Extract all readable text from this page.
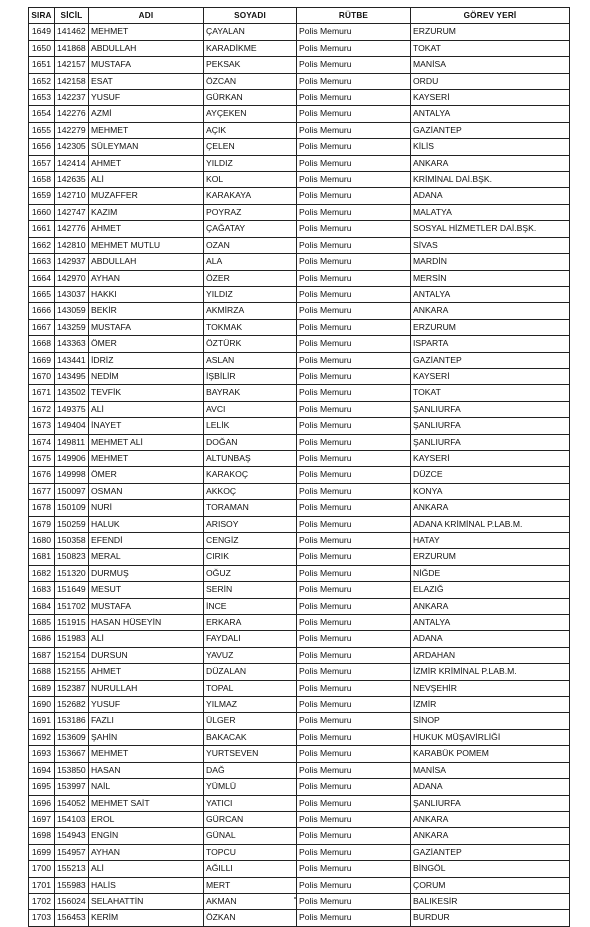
SIRA	SİCİL	ADI	SOYADI	RÜTBE	GÖREV YERİ
1649	141462	MEHMET	ÇAYALAN	Polis Memuru	ERZURUM
1650	141868	ABDULLAH	KARADİKME	Polis Memuru	TOKAT
1651	142157	MUSTAFA	PEKSAK	Polis Memuru	MANİSA
1652	142158	ESAT	ÖZCAN	Polis Memuru	ORDU
1653	142237	YUSUF	GÜRKAN	Polis Memuru	KAYSERİ
1654	142276	AZMİ	AYÇEKEN	Polis Memuru	ANTALYA
1655	142279	MEHMET	AÇIK	Polis Memuru	GAZİANTEP
1656	142305	SÜLEYMAN	ÇELEN	Polis Memuru	KİLİS
1657	142414	AHMET	YILDIZ	Polis Memuru	ANKARA
1658	142635	ALİ	KOL	Polis Memuru	KRİMİNAL DAİ.BŞK.
1659	142710	MUZAFFER	KARAKAYA	Polis Memuru	ADANA
1660	142747	KAZIM	POYRAZ	Polis Memuru	MALATYA
1661	142776	AHMET	ÇAĞATAY	Polis Memuru	SOSYAL HİZMETLER DAİ.BŞK.
1662	142810	MEHMET MUTLU	OZAN	Polis Memuru	SİVAS
1663	142937	ABDULLAH	ALA	Polis Memuru	MARDİN
1664	142970	AYHAN	ÖZER	Polis Memuru	MERSİN
1665	143037	HAKKI	YILDIZ	Polis Memuru	ANTALYA
1666	143059	BEKİR	AKMİRZA	Polis Memuru	ANKARA
1667	143259	MUSTAFA	TOKMAK	Polis Memuru	ERZURUM
1668	143363	ÖMER	ÖZTÜRK	Polis Memuru	ISPARTA
1669	143441	İDRİZ	ASLAN	Polis Memuru	GAZİANTEP
1670	143495	NEDİM	İŞBİLİR	Polis Memuru	KAYSERİ
1671	143502	TEVFİK	BAYRAK	Polis Memuru	TOKAT
1672	149375	ALİ	AVCI	Polis Memuru	ŞANLIURFA
1673	149404	İNAYET	LELİK	Polis Memuru	ŞANLIURFA
1674	149811	MEHMET ALİ	DOĞAN	Polis Memuru	ŞANLIURFA
1675	149906	MEHMET	ALTUNBAŞ	Polis Memuru	KAYSERİ
1676	149998	ÖMER	KARAKOÇ	Polis Memuru	DÜZCE
1677	150097	OSMAN	AKKOÇ	Polis Memuru	KONYA
1678	150109	NURİ	TORAMAN	Polis Memuru	ANKARA
1679	150259	HALUK	ARISOY	Polis Memuru	ADANA KRİMİNAL P.LAB.M.
1680	150358	EFENDİ	CENGİZ	Polis Memuru	HATAY
1681	150823	MERAL	CIRIK	Polis Memuru	ERZURUM
1682	151320	DURMUŞ	OĞUZ	Polis Memuru	NİĞDE
1683	151649	MESUT	SERİN	Polis Memuru	ELAZIĞ
1684	151702	MUSTAFA	İNCE	Polis Memuru	ANKARA
1685	151915	HASAN HÜSEYİN	ERKARA	Polis Memuru	ANTALYA
1686	151983	ALİ	FAYDALI	Polis Memuru	ADANA
1687	152154	DURSUN	YAVUZ	Polis Memuru	ARDAHAN
1688	152155	AHMET	DÜZALAN	Polis Memuru	İZMİR KRİMİNAL P.LAB.M.
1689	152387	NURULLAH	TOPAL	Polis Memuru	NEVŞEHİR
1690	152682	YUSUF	YILMAZ	Polis Memuru	İZMİR
1691	153186	FAZLI	ÜLGER	Polis Memuru	SİNOP
1692	153609	ŞAHİN	BAKACAK	Polis Memuru	HUKUK MÜŞAVİRLİĞİ
1693	153667	MEHMET	YURTSEVEN	Polis Memuru	KARABÜK POMEM
1694	153850	HASAN	DAĞ	Polis Memuru	MANİSA
1695	153997	NAİL	YÜMLÜ	Polis Memuru	ADANA
1696	154052	MEHMET SAİT	YATICI	Polis Memuru	ŞANLIURFA
1697	154103	EROL	GÜRCAN	Polis Memuru	ANKARA
1698	154943	ENGİN	GÜNAL	Polis Memuru	ANKARA
1699	154957	AYHAN	TOPCU	Polis Memuru	GAZİANTEP
1700	155213	ALİ	AĞILLI	Polis Memuru	BİNGÖL
1701	155983	HALİS	MERT	Polis Memuru	ÇORUM
1702	156024	SELAHATTİN	AKMAN	Polis Memuru	BALIKESİR
1703	156453	KERİM	ÖZKAN	Polis Memuru	BURDUR
